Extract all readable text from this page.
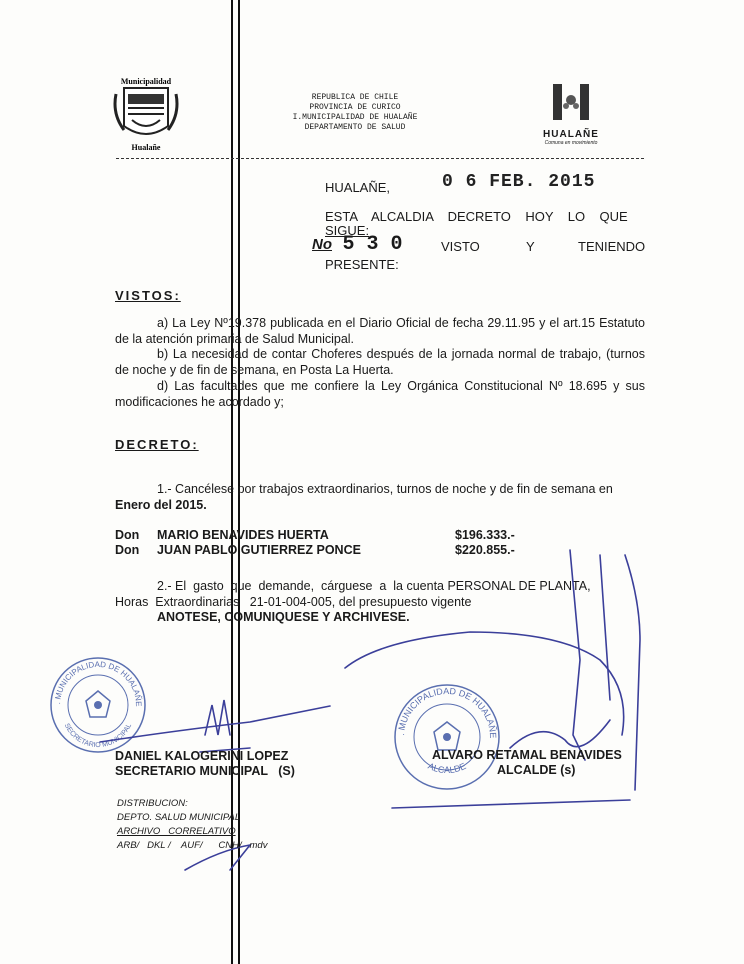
Municipalidad
Hualañe
REPUBLICA DE CHILE
PROVINCIA DE CURICO
I.MUNICIPALIDAD DE HUALAÑE
DEPARTAMENTO DE SALUD
HUALAÑE
Comuna en movimiento
HUALAÑE,	0 6 FEB. 2015
ESTA    ALCALDIA    DECRETO    HOY    LO    QUE
SIGUE:
No 5 3 0	VISTO	Y	TENIENDO
PRESENTE:
VISTOS:
a) La Ley Nº19.378 publicada en el Diario Oficial de fecha 29.11.95 y el art.15 Estatuto de la atención primaria de Salud Municipal.
b) La necesidad de contar Choferes después de la jornada normal de trabajo, (turnos de noche y de fin de semana, en Posta La Huerta.
d) Las facultades que me confiere la Ley Orgánica Constitucional Nº 18.695 y sus modificaciones he acordado y;
DECRETO:
1.- Cancélese por trabajos extraordinarios, turnos de noche y de fin de semana en
Enero del 2015.
Don MARIO BENAVIDES HUERTA	$196.333.-
Don JUAN PABLO GUTIERREZ PONCE	$220.855.-
2.- El  gasto  que  demande,  cárguese  a  la cuenta PERSONAL DE PLANTA,
Horas  Extraordinarias   21-01-004-005, del presupuesto vigente
ANOTESE, COMUNIQUESE Y ARCHIVESE.
. MUNICIPALIDAD DE HUALAÑE
SECRETARIO MUNICIPAL
. MUNICIPALIDAD DE HUALAÑE
ALCALDE
DANIEL KALOGERINI LOPEZ
SECRETARIO MUNICIPAL   (S)
ALVARO RETAMAL BENAVIDES
ALCALDE (s)
DISTRIBUCION:
DEPTO. SALUD MUNICIPAL
ARCHIVO   CORRELATIVO
ARB/   DKL /    AUF/      CNH/   mdv
